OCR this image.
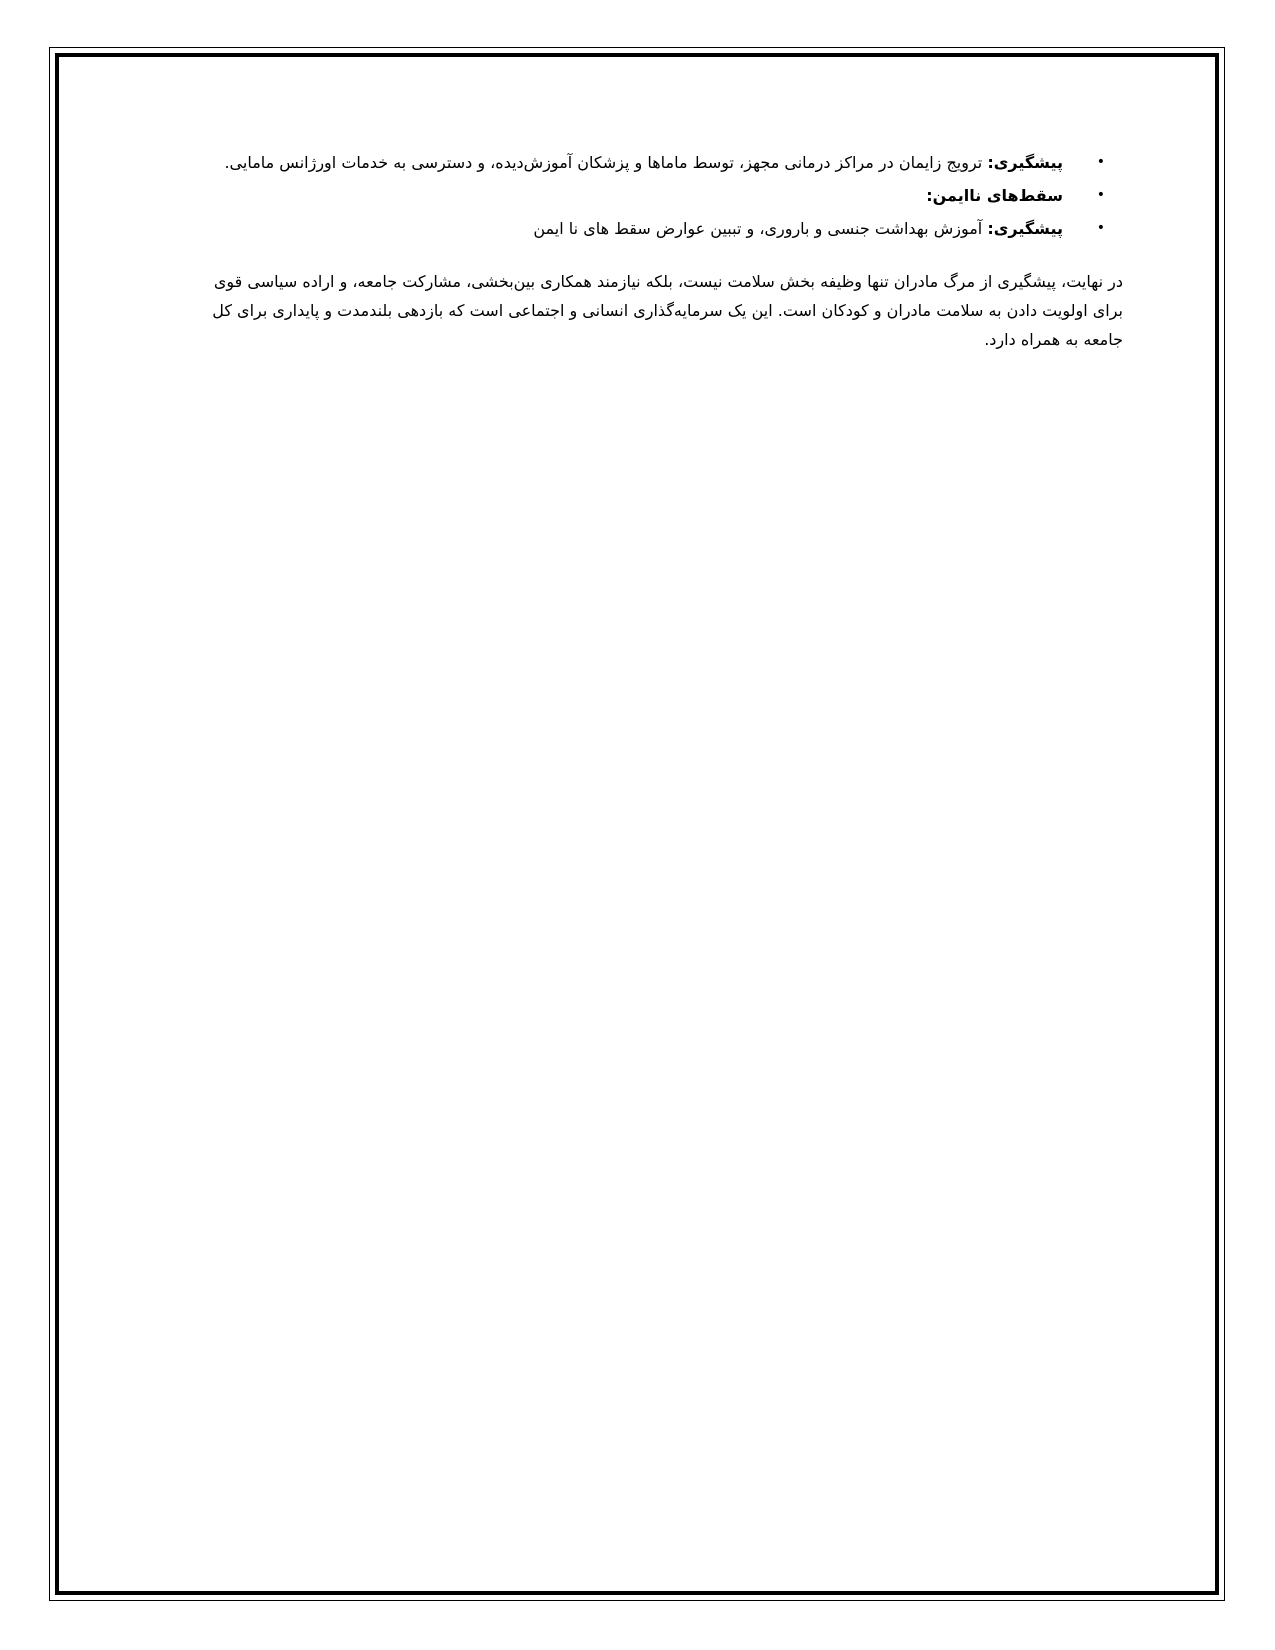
•
پیشگیری: ترویج زایمان در مراکز درمانی مجهز، توسط ماماها و پزشکان آموزش‌دیده، و دسترسی به خدمات اورژانس مامایی.
•
سقط‌های ناایمن:
•
پیشگیری: آموزش بهداشت جنسی و باروری، و تببین عوارض سقط های نا ایمن

در نهایت، پیشگیری از مرگ مادران تنها وظیفه بخش سلامت نیست، بلکه نیازمند همکاری بین‌بخشی، مشارکت جامعه، و اراده سیاسی قوی برای اولویت دادن به سلامت مادران و کودکان است. این یک سرمایه‌گذاری انسانی و اجتماعی است که بازدهی بلندمدت و پایداری برای کل جامعه به همراه دارد.
